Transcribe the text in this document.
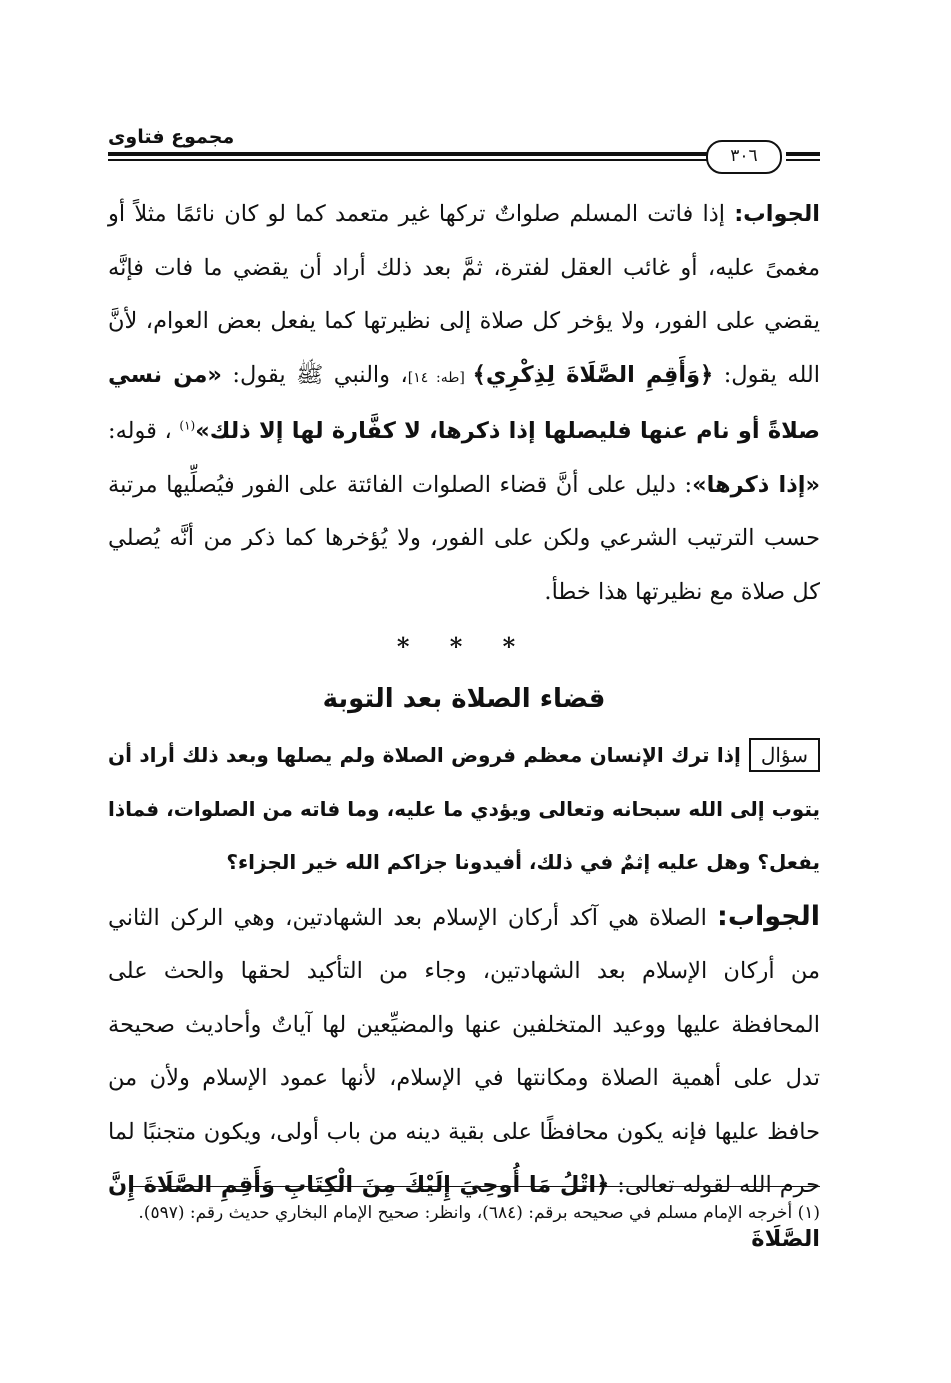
مجموع فتاوى
٣٠٦

الجواب: إذا فاتت المسلم صلواتٌ تركها غير متعمد كما لو كان نائمًا مثلاً أو مغمىً عليه، أو غائب العقل لفترة، ثمَّ بعد ذلك أراد أن يقضي ما فات فإنَّه يقضي على الفور، ولا يؤخر كل صلاة إلى نظيرتها كما يفعل بعض العوام، لأنَّ الله يقول: ﴿وَأَقِمِ الصَّلَاةَ لِذِكْرِي﴾ [طه: ١٤]، والنبي ﷺ يقول: «من نسي صلاةً أو نام عنها فليصلها إذا ذكرها، لا كفَّارة لها إلا ذلك»$^{(١)}$ ، قوله: «إذا ذكرها»: دليل على أنَّ قضاء الصلوات الفائتة على الفور فيُصلِّيها مرتبة حسب الترتيب الشرعي ولكن على الفور، ولا يُؤخرها كما ذكر من أنَّه يُصلي كل صلاة مع نظيرتها هذا خطأ.

* * *

قضاء الصلاة بعد التوبة

سؤالإذا ترك الإنسان معظم فروض الصلاة ولم يصلها وبعد ذلك أراد أن يتوب إلى الله سبحانه وتعالى ويؤدي ما عليه، وما فاته من الصلوات، فماذا يفعل؟ وهل عليه إثمٌ في ذلك، أفيدونا جزاكم الله خير الجزاء؟

الجواب: الصلاة هي آكد أركان الإسلام بعد الشهادتين، وهي الركن الثاني من أركان الإسلام بعد الشهادتين، وجاء من التأكيد لحقها والحث على المحافظة عليها ووعيد المتخلفين عنها والمضيِّعين لها آياتٌ وأحاديث صحيحة تدل على أهمية الصلاة ومكانتها في الإسلام، لأنها عمود الإسلام ولأن من حافظ عليها فإنه يكون محافظًا على بقية دينه من باب أولى، ويكون متجنبًا لما حرم الله لقوله تعالى: ﴿اتْلُ مَا أُوحِيَ إِلَيْكَ مِنَ الْكِتَابِ وَأَقِمِ الصَّلَاةَ إِنَّ الصَّلَاةَ

(١) أخرجه الإمام مسلم في صحيحه برقم: (٦٨٤)، وانظر: صحيح الإمام البخاري حديث رقم: (٥٩٧).
